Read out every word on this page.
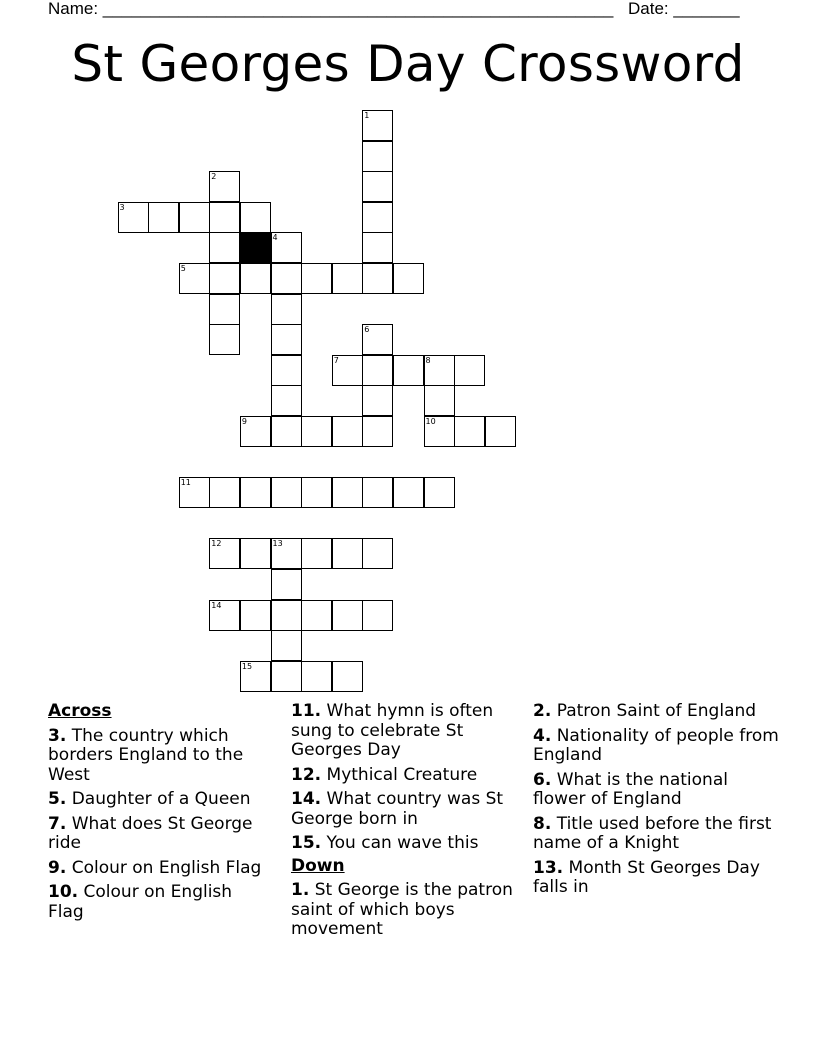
Name: ______________________________________________________ Date: _______
St Georges Day Crossword
1
2
3
4
5
6
7	8
9	10
11
12	13
14
15
Across
3. The country which borders England to the West
5. Daughter of a Queen
7. What does St George ride
9. Colour on English Flag
10. Colour on English Flag
11. What hymn is often sung to celebrate St Georges Day
12. Mythical Creature
14. What country was St George born in
15. You can wave this
Down
1. St George is the patron saint of which boys movement
2. Patron Saint of England
4. Nationality of people from England
6. What is the national flower of England
8. Title used before the first name of a Knight
13. Month St Georges Day falls in
